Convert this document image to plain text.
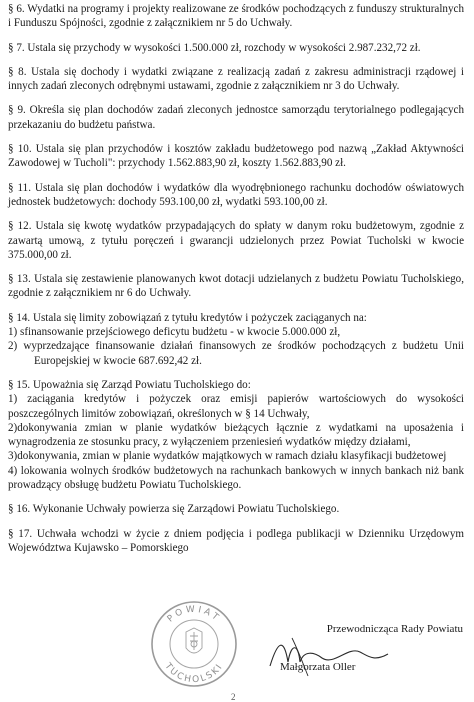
§ 6. Wydatki na programy i projekty realizowane ze środków pochodzących z funduszy strukturalnych i Funduszu Spójności, zgodnie z załącznikiem nr 5 do Uchwały.

§ 7. Ustala się przychody w wysokości 1.500.000 zł, rozchody w wysokości 2.987.232,72 zł.

§ 8. Ustala się dochody i wydatki związane z realizacją zadań z zakresu administracji rządowej i innych zadań zleconych odrębnymi ustawami, zgodnie z załącznikiem nr 3 do Uchwały.

§ 9. Określa się plan dochodów zadań zleconych jednostce samorządu terytorialnego podlegających przekazaniu do budżetu państwa.

§ 10. Ustala się plan przychodów i kosztów zakładu budżetowego pod nazwą „Zakład Aktywności Zawodowej w Tucholi": przychody 1.562.883,90 zł, koszty 1.562.883,90 zł.

§ 11. Ustala się plan dochodów i wydatków dla wyodrębnionego rachunku dochodów oświatowych jednostek budżetowych: dochody 593.100,00 zł, wydatki 593.100,00 zł.

§ 12. Ustala się kwotę wydatków przypadających do spłaty w danym roku budżetowym, zgodnie z zawartą umową, z tytułu poręczeń i gwarancji udzielonych przez Powiat Tucholski w kwocie 375.000,00 zł.

§ 13. Ustala się zestawienie planowanych kwot dotacji udzielanych z budżetu Powiatu Tucholskiego, zgodnie z załącznikiem nr 6 do Uchwały.

§ 14. Ustala się limity zobowiązań z tytułu kredytów i pożyczek zaciąganych na:

1) sfinansowanie przejściowego deficytu budżetu - w kwocie 5.000.000 zł,

2) wyprzedzające finansowanie działań finansowych ze środków pochodzących z budżetu Unii Europejskiej w kwocie 687.692,42 zł.

§ 15. Upoważnia się Zarząd Powiatu Tucholskiego do:

1) zaciągania kredytów i pożyczek oraz emisji papierów wartościowych do wysokości poszczególnych limitów zobowiązań, określonych w § 14 Uchwały,

2)dokonywania zmian w planie wydatków bieżących łącznie z wydatkami na uposażenia i wynagrodzenia ze stosunku pracy, z wyłączeniem przeniesień wydatków między działami,

3)dokonywania, zmian w planie wydatków majątkowych w ramach działu klasyfikacji budżetowej

4) lokowania wolnych środków budżetowych na rachunkach bankowych w innych bankach niż bank prowadzący obsługę budżetu Powiatu Tucholskiego.

§ 16. Wykonanie Uchwały powierza się Zarządowi Powiatu Tucholskiego.

§ 17. Uchwała wchodzi w życie z dniem podjęcia i podlega publikacji w Dzienniku Urzędowym Województwa Kujawsko – Pomorskiego

POWIAT
TUCHOLSKI
Przewodnicząca Rady Powiatu
Małgorzata Oller
2
